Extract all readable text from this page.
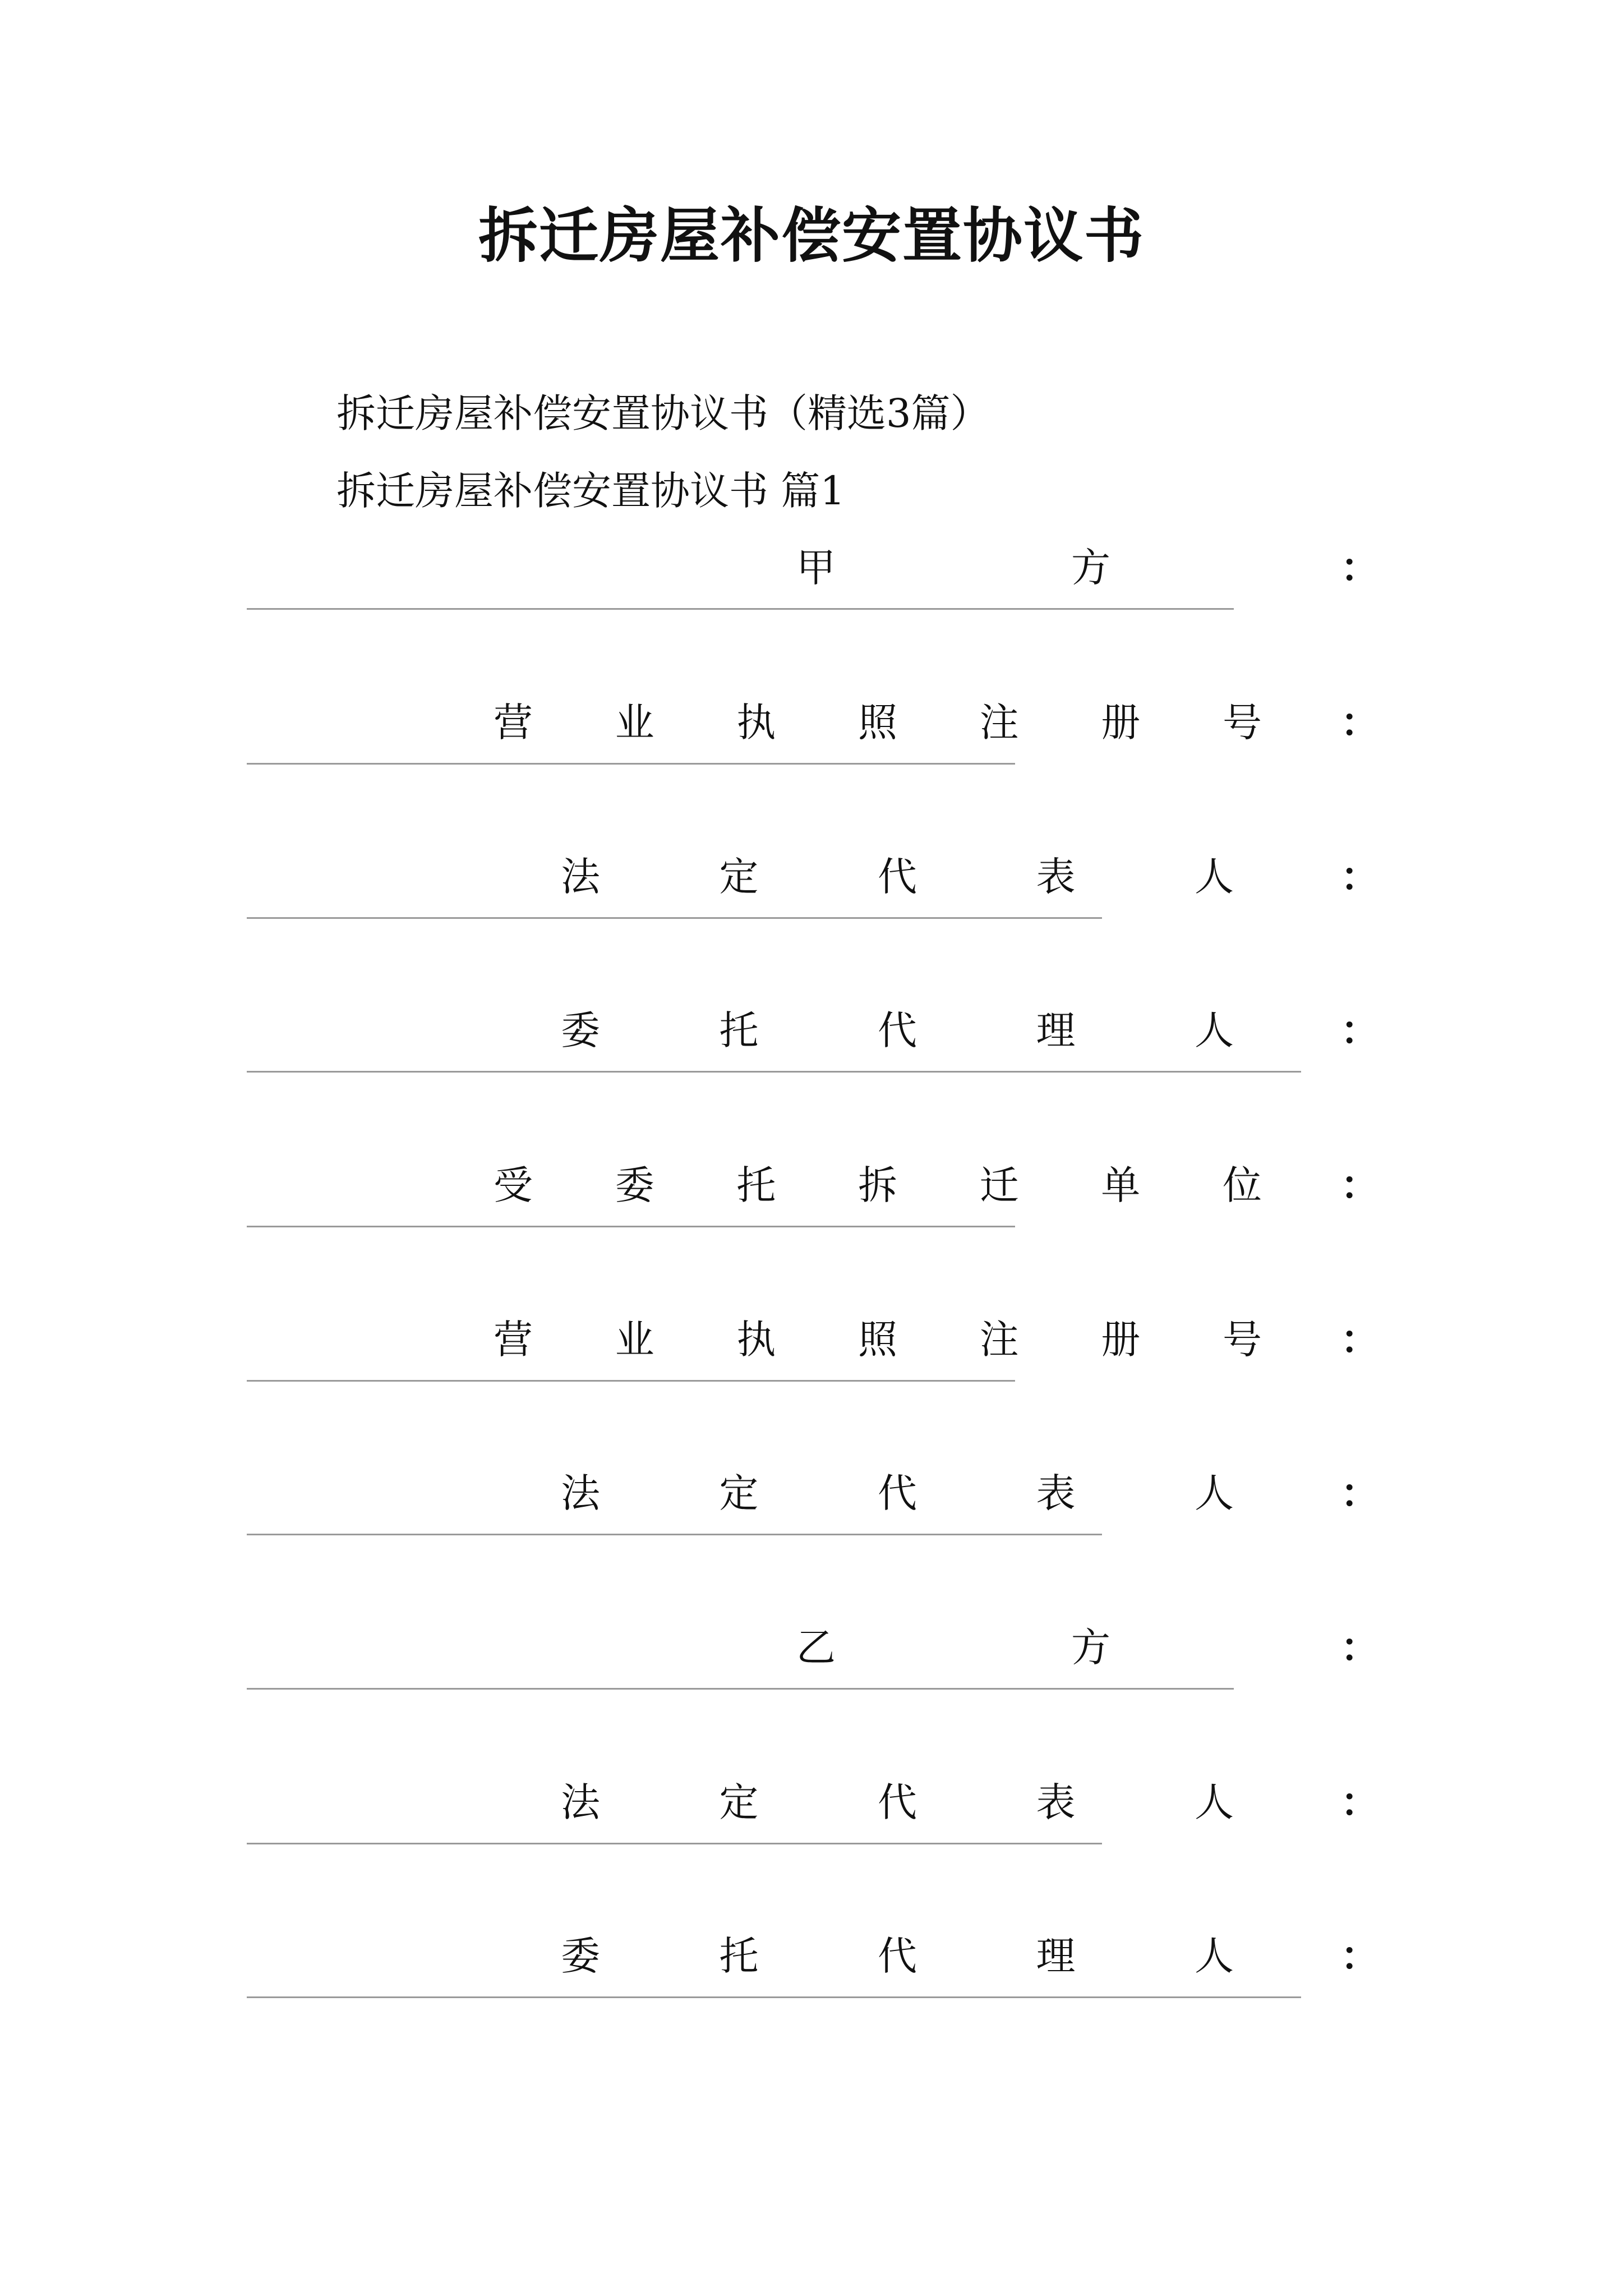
拆迁房屋补偿安置协议书
拆迁房屋补偿安置协议书（精选3篇）
拆迁房屋补偿安置协议书 篇1
甲	方	：
营 业 执 照 注 册 号 ：
法	定	代	表	人	：
委	托	代	理	人	：
受 委 托 拆 迁 单 位 ：
营 业 执 照 注 册 号 ：
法	定	代	表	人	：
乙	方	：
法	定	代	表	人	：
委	托	代	理	人	：
